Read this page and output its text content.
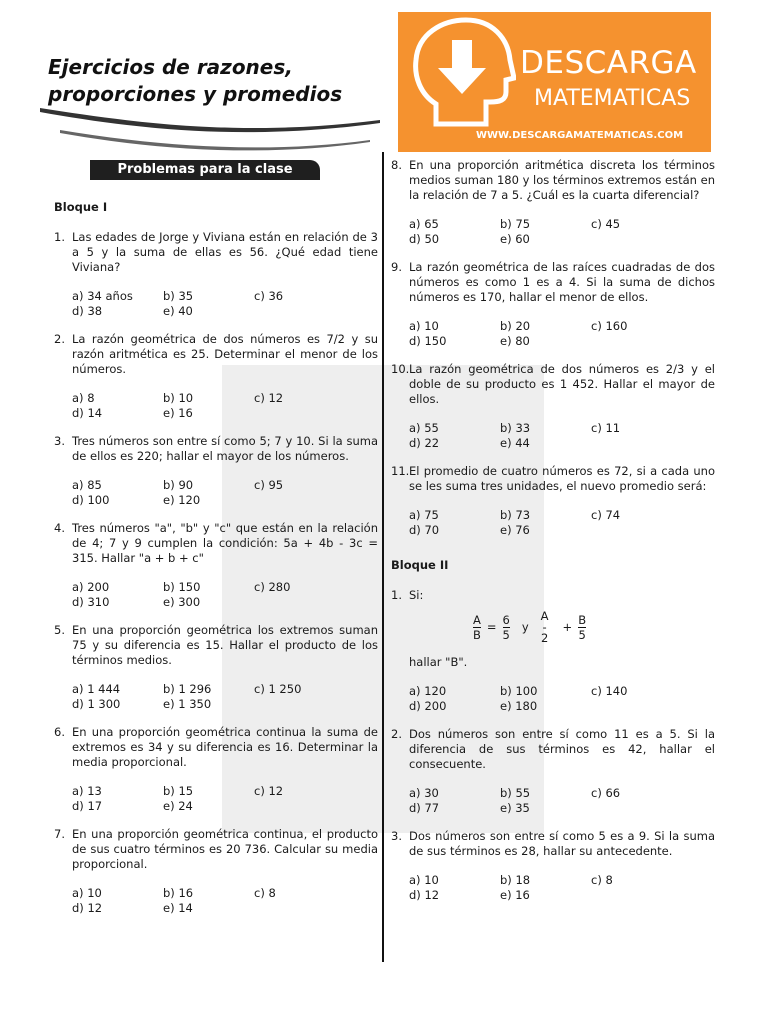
Ejercicios de razones,
proporciones y promedios
Problemas para la clase
DESCARGA
MATEMATICAS
WWW.DESCARGAMATEMATICAS.COM
Bloque I
1. Las edades de Jorge y Viviana están en relación de 3 a 5 y la suma de ellas es 56. ¿Qué edad tiene Viviana?

a) 34 años	b) 35	c) 36
d) 38	e) 40
2. La razón geométrica de dos números es 7/2 y su razón aritmética es 25. Determinar el menor de los números.

a) 8	b) 10	c) 12
d) 14	e) 16
3. Tres números son entre sí como 5; 7 y 10. Si la suma de ellos es 220; hallar el mayor de los números.

a) 85	b) 90	c) 95
d) 100	e) 120
4. Tres números "a", "b" y "c" que están en la relación de 4; 7 y 9 cumplen la condición: 5a + 4b - 3c = 315. Hallar "a + b + c"

a) 200	b) 150	c) 280
d) 310	e) 300
5. En una proporción geométrica los extremos suman 75 y su diferencia es 15. Hallar el producto de los términos medios.

a) 1 444	b) 1 296	c) 1 250
d) 1 300	e) 1 350
6. En una proporción geométrica continua la suma de extremos es 34 y su diferencia es 16. Determinar la media proporcional.

a) 13	b) 15	c) 12
d) 17	e) 24
7. En una proporción geométrica continua, el producto de sus cuatro términos es 20 736. Calcular su media proporcional.

a) 10	b) 16	c) 8
d) 12	e) 14
8. En una proporción aritmética discreta los términos medios suman 180 y los términos extremos están en la relación de 7 a 5. ¿Cuál es la cuarta diferencial?

a) 65	b) 75	c) 45
d) 50	e) 60
9. La razón geométrica de las raíces cuadradas de dos números es como 1 es a 4. Si la suma de dichos números es 170, hallar el menor de ellos.

a) 10	b) 20	c) 160
d) 150	e) 80
10. La razón geométrica de dos números es 2/3 y el doble de su producto es 1 452. Hallar el mayor de ellos.

a) 55	b) 33	c) 11
d) 22	e) 44
11. El promedio de cuatro números es 72, si a cada uno se les suma tres unidades, el nuevo promedio será:

a) 75	b) 73	c) 74
d) 70	e) 76
Bloque II
1. Si:

$\frac{A}{B} = \frac{6}{5}$ y
A
-
2
+ $\frac{B}{5}$

hallar "B".

a) 120	b) 100	c) 140
d) 200	e) 180
2. Dos números son entre sí como 11 es a 5. Si la diferencia de sus términos es 42, hallar el consecuente.

a) 30	b) 55	c) 66
d) 77	e) 35
3. Dos números son entre sí como 5 es a 9. Si la suma de sus términos es 28, hallar su antecedente.

a) 10	b) 18	c) 8
d) 12	e) 16
